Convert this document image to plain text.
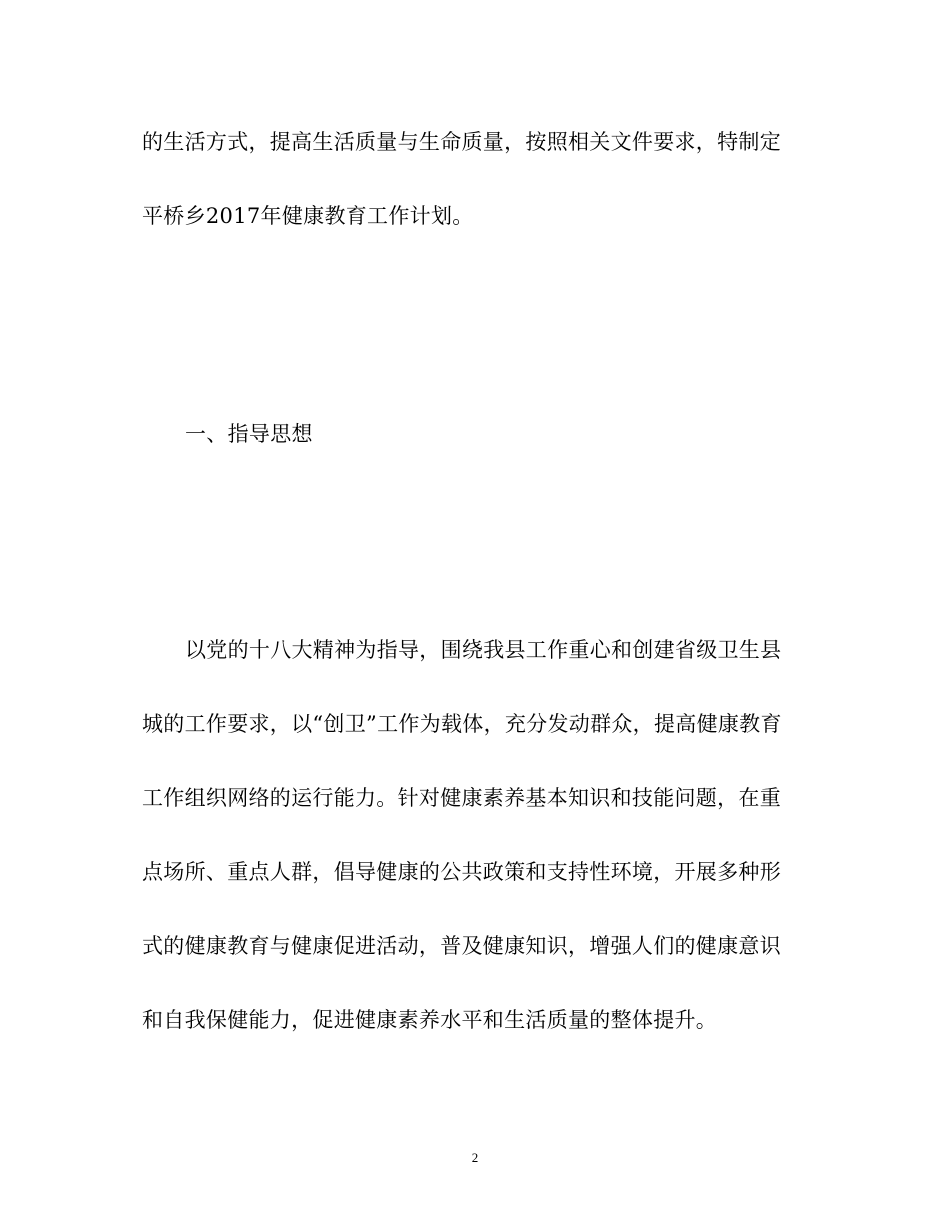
的生活方式，提高生活质量与生命质量，按照相关文件要求，特制定
平桥乡2017年健康教育工作计划。
一、指导思想
以党的十八大精神为指导，围绕我县工作重心和创建省级卫生县
城的工作要求，以“创卫”工作为载体，充分发动群众，提高健康教育
工作组织网络的运行能力。针对健康素养基本知识和技能问题，在重
点场所、重点人群，倡导健康的公共政策和支持性环境，开展多种形
式的健康教育与健康促进活动，普及健康知识，增强人们的健康意识
和自我保健能力，促进健康素养水平和生活质量的整体提升。
2
